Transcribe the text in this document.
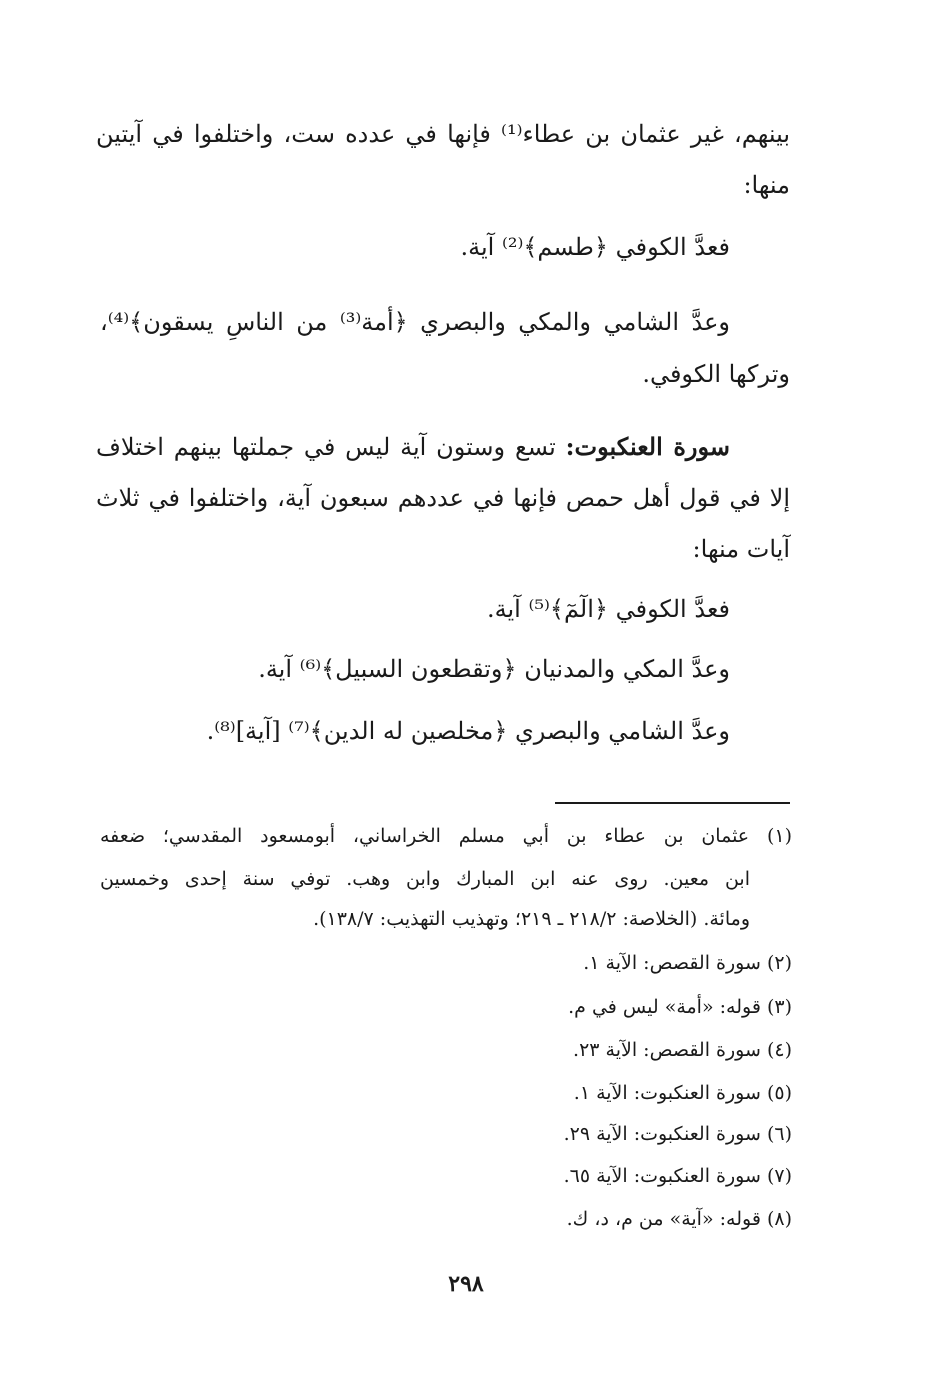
بينهم، غير عثمان بن عطاء⁽¹⁾ فإنها في عدده ست، واختلفوا في آيتين
منها:
فعدَّ الكوفي ﴿طسم﴾⁽²⁾ آية.
وعدَّ الشامي والمكي والبصري ﴿أمة⁽³⁾ من الناسِ يسقون﴾⁽⁴⁾،
وتركها الكوفي.
سورة العنكبوت: تسع وستون آية ليس في جملتها بينهم اختلاف
إلا في قول أهل حمص فإنها في عددهم سبعون آية، واختلفوا في ثلاث
آيات منها:
فعدَّ الكوفي ﴿الٓمٓ﴾⁽⁵⁾ آية.
وعدَّ المكي والمدنيان ﴿وتقطعون السبيل﴾⁽⁶⁾ آية.
وعدَّ الشامي والبصري ﴿مخلصين له الدين﴾⁽⁷⁾ [آية]⁽⁸⁾.
(١) عثمان بن عطاء بن أبي مسلم الخراساني، أبومسعود المقدسي؛ ضعفه
ابن معين. روى عنه ابن المبارك وابن وهب. توفي سنة إحدى وخمسين
ومائة. (الخلاصة: ٢١٨/٢ ـ ٢١٩؛ وتهذيب التهذيب: ١٣٨/٧).
(٢) سورة القصص: الآية ١.
(٣) قوله: «أمة» ليس في م.
(٤) سورة القصص: الآية ٢٣.
(٥) سورة العنكبوت: الآية ١.
(٦) سورة العنكبوت: الآية ٢٩.
(٧) سورة العنكبوت: الآية ٦٥.
(٨) قوله: «آية» من م، د، ك.
٢٩٨
